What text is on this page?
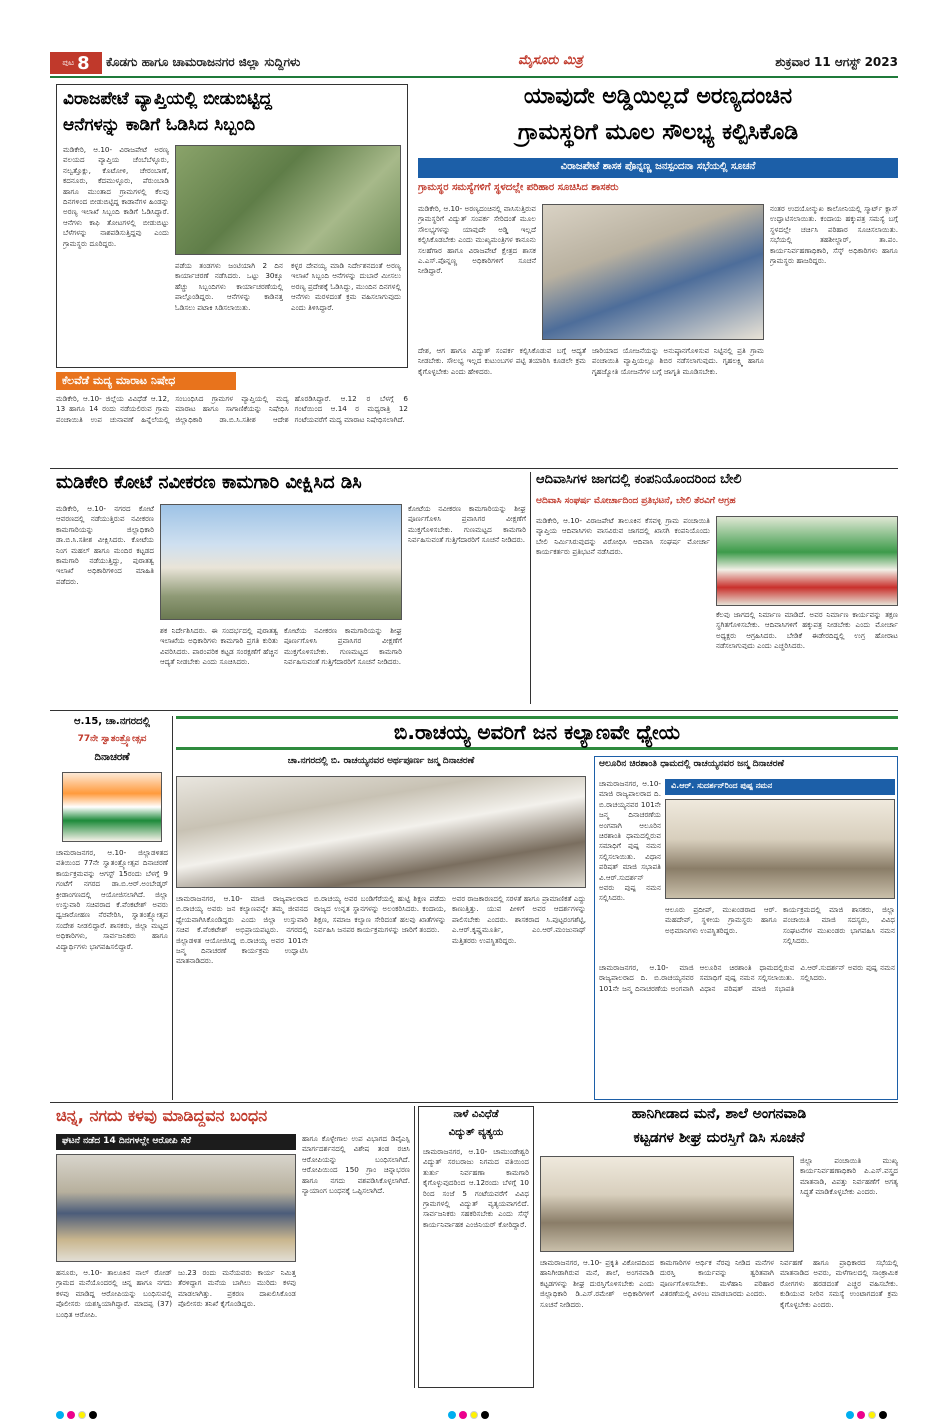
ಪುಟ 8 ಕೊಡಗು ಹಾಗೂ ಚಾಮರಾಜನಗರ ಜಿಲ್ಲಾ ಸುದ್ದಿಗಳು	ಮೈಸೂರು ಮಿತ್ರ	ಶುಕ್ರವಾರ 11 ಆಗಸ್ಟ್ 2023
ವಿರಾಜಪೇಟೆ ವ್ಯಾಪ್ತಿಯಲ್ಲಿ ಬೀಡುಬಿಟ್ಟಿದ್ದ
ಆನೆಗಳನ್ನು ಕಾಡಿಗೆ ಓಡಿಸಿದ ಸಿಬ್ಬಂದಿ
ಮಡಿಕೇರಿ, ಆ.10- ವಿರಾಜಪೇಟೆ ಅರಣ್ಯ ವಲಯದ ವ್ಯಾಪ್ತಿಯ ಚೆಂಬೆಬೆಳ್ಳೂರು, ನಲ್ವತ್ತೊಕ್ಲು, ಕೊಟೋಳಿ, ಚೇರಂಬಾಣೆ, ಕದನೂರು, ಕೆದಮುಳ್ಳೂರು, ಪೆರುಂಬಾಡಿ ಹಾಗೂ ಮುಂತಾದ ಗ್ರಾಮಗಳಲ್ಲಿ ಕೆಲವು ದಿನಗಳಿಂದ ಬೀಡುಬಿಟ್ಟಿದ್ದ ಕಾಡಾನೆಗಳ ಹಿಂಡನ್ನು ಅರಣ್ಯ ಇಲಾಖೆ ಸಿಬ್ಬಂದಿ ಕಾಡಿಗೆ ಓಡಿಸಿದ್ದಾರೆ. ಆನೆಗಳು ಕಾಫಿ ತೋಟಗಳಲ್ಲಿ ಬೀಡುಬಿಟ್ಟು ಬೆಳೆಗಳನ್ನು ನಾಶಪಡಿಸುತ್ತಿದ್ದವು ಎಂದು ಗ್ರಾಮಸ್ಥರು ದೂರಿದ್ದರು.
ಪಡೆಯ ತಂಡಗಳು ಜಂಟಿಯಾಗಿ 2 ದಿನ ಕಾರ್ಯಾಚರಣೆ ನಡೆಸಿದರು. ಒಟ್ಟು 30ಕ್ಕೂ ಹೆಚ್ಚು ಸಿಬ್ಬಂದಿಗಳು ಕಾರ್ಯಾಚರಣೆಯಲ್ಲಿ ಪಾಲ್ಗೊಂಡಿದ್ದರು. ಆನೆಗಳನ್ನು ಕಾಡಿನತ್ತ ಓಡಿಸಲು ಪಟಾಕಿ ಸಿಡಿಸಲಾಯಿತು.
ಕಳ್ಳರ ದೇವಯ್ಯ ಮಾಡಿ ನಿರ್ದೇಶನದಂತೆ ಅರಣ್ಯ ಇಲಾಖೆ ಸಿಬ್ಬಂದಿ ಆನೆಗಳನ್ನು ದುಬಾರೆ ಮೀಸಲು ಅರಣ್ಯ ಪ್ರದೇಶಕ್ಕೆ ಓಡಿಸಿದ್ದು, ಮುಂದಿನ ದಿನಗಳಲ್ಲಿ ಆನೆಗಳು ಮರಳದಂತೆ ಕ್ರಮ ವಹಿಸಲಾಗುವುದು ಎಂದು ತಿಳಿಸಿದ್ದಾರೆ.
ಕೆಲವೆಡೆ ಮದ್ಯ ಮಾರಾಟ ನಿಷೇಧ
ಮಡಿಕೇರಿ, ಆ.10- ಜಿಲ್ಲೆಯ ವಿವಿಧೆಡೆ ಆ.12, 13 ಹಾಗೂ 14 ರಂದು ನಡೆಯಲಿರುವ ಗ್ರಾಮ ಪಂಚಾಯಿತಿ ಉಪ ಚುನಾವಣೆ ಹಿನ್ನೆಲೆಯಲ್ಲಿ ಸಂಬಂಧಿಸಿದ ಗ್ರಾಮಗಳ ವ್ಯಾಪ್ತಿಯಲ್ಲಿ ಮದ್ಯ ಮಾರಾಟ ಹಾಗೂ ಸಾಗಾಣಿಕೆಯನ್ನು ನಿಷೇಧಿಸಿ ಜಿಲ್ಲಾಧಿಕಾರಿ ಡಾ.ಬಿ.ಸಿ.ಸತೀಶ ಆದೇಶ ಹೊರಡಿಸಿದ್ದಾರೆ. ಆ.12 ರ ಬೆಳಗ್ಗೆ 6 ಗಂಟೆಯಿಂದ ಆ.14 ರ ಮಧ್ಯರಾತ್ರಿ 12 ಗಂಟೆಯವರೆಗೆ ಮದ್ಯ ಮಾರಾಟ ನಿಷೇಧಿಸಲಾಗಿದೆ.
ಯಾವುದೇ ಅಡ್ಡಿಯಿಲ್ಲದೆ ಅರಣ್ಯದಂಚಿನ
ಗ್ರಾಮಸ್ಥರಿಗೆ ಮೂಲ ಸೌಲಭ್ಯ ಕಲ್ಪಿಸಿಕೊಡಿ
ವಿರಾಜಪೇಟೆ ಶಾಸಕ ಪೊನ್ನಣ್ಣ ಜನಸ್ಪಂದನಾ ಸಭೆಯಲ್ಲಿ ಸೂಚನೆ
ಗ್ರಾಮಸ್ಥರ ಸಮಸ್ಯೆಗಳಿಗೆ ಸ್ಥಳದಲ್ಲೇ ಪರಿಹಾರ ಸೂಚಿಸಿದ ಶಾಸಕರು
ಮಡಿಕೇರಿ, ಆ.10- ಅರಣ್ಯದಂಚಿನಲ್ಲಿ ವಾಸಿಸುತ್ತಿರುವ ಗ್ರಾಮಸ್ಥರಿಗೆ ವಿದ್ಯುತ್ ಸಂಪರ್ಕ ಸೇರಿದಂತೆ ಮೂಲ ಸೌಲಭ್ಯಗಳನ್ನು ಯಾವುದೇ ಅಡ್ಡಿ ಇಲ್ಲದೆ ಕಲ್ಪಿಸಿಕೊಡಬೇಕು ಎಂದು ಮುಖ್ಯಮಂತ್ರಿಗಳ ಕಾನೂನು ಸಲಹೆಗಾರ ಹಾಗೂ ವಿರಾಜಪೇಟೆ ಕ್ಷೇತ್ರದ ಶಾಸಕ ಎ.ಎಸ್.ಪೊನ್ನಣ್ಣ ಅಧಿಕಾರಿಗಳಿಗೆ ಸೂಚನೆ ನೀಡಿದ್ದಾರೆ.
ದೇಶ, ಆಗ ಹಾಗೂ ವಿದ್ಯುತ್ ಸಂಪರ್ಕ ಕಲ್ಪಿಸಿಕೊಡುವ ಬಗ್ಗೆ ಆದ್ಯತೆ ನೀಡಬೇಕು. ಸೌಲಭ್ಯ ಇಲ್ಲದ ಕುಟುಂಬಗಳ ಪಟ್ಟಿ ತಯಾರಿಸಿ ಕೂಡಲೇ ಕ್ರಮ ಕೈಗೊಳ್ಳಬೇಕು ಎಂದು ಹೇಳಿದರು.
ಜಾರಿಯಾದ ಯೋಜನೆಯನ್ನು ಅನುಷ್ಠಾನಗೊಳಿಸುವ ನಿಟ್ಟಿನಲ್ಲಿ ಪ್ರತಿ ಗ್ರಾಮ ಪಂಚಾಯಿತಿ ವ್ಯಾಪ್ತಿಯಲ್ಲೂ ಶಿಬಿರ ನಡೆಸಲಾಗುವುದು. ಗೃಹಲಕ್ಷ್ಮಿ ಹಾಗೂ ಗೃಹಜ್ಯೋತಿ ಯೋಜನೆಗಳ ಬಗ್ಗೆ ಜಾಗೃತಿ ಮೂಡಿಸಬೇಕು.
ನಂತರ ಉದಯೋನ್ಮುಖ ಕಾಲೋನಿಯಲ್ಲಿ ಸ್ಮಾರ್ಟ್ ಕ್ಲಾಸ್ ಉದ್ಘಾಟಿಸಲಾಯಿತು. ಕಂದಾಯ ಹಕ್ಕುಪತ್ರ ಸಮಸ್ಯೆ ಬಗ್ಗೆ ಸ್ಥಳದಲ್ಲೇ ಚರ್ಚಿಸಿ ಪರಿಹಾರ ಸೂಚಿಸಲಾಯಿತು. ಸಭೆಯಲ್ಲಿ ತಹಶೀಲ್ದಾರ್, ತಾ.ಪಂ. ಕಾರ್ಯನಿರ್ವಹಣಾಧಿಕಾರಿ, ಸೆಸ್ಕ್ ಅಧಿಕಾರಿಗಳು ಹಾಗೂ ಗ್ರಾಮಸ್ಥರು ಹಾಜರಿದ್ದರು.
ಮಡಿಕೇರಿ ಕೋಟೆ ನವೀಕರಣ ಕಾಮಗಾರಿ ವೀಕ್ಷಿಸಿದ ಡಿಸಿ
ಮಡಿಕೇರಿ, ಆ.10- ನಗರದ ಕೋಟೆ ಆವರಣದಲ್ಲಿ ನಡೆಯುತ್ತಿರುವ ನವೀಕರಣ ಕಾಮಗಾರಿಯನ್ನು ಜಿಲ್ಲಾಧಿಕಾರಿ ಡಾ.ಬಿ.ಸಿ.ಸತೀಶ ವೀಕ್ಷಿಸಿದರು. ಕೋಟೆಯ ನಿಂಗ ಮಹಲ್ ಹಾಗೂ ಮಂದಿರ ಕಟ್ಟಡದ ಕಾಮಗಾರಿ ನಡೆಯುತ್ತಿದ್ದು, ಪುರಾತತ್ವ ಇಲಾಖೆ ಅಧಿಕಾರಿಗಳಿಂದ ಮಾಹಿತಿ ಪಡೆದರು.
ಶಕ ನಿರ್ದೇಶಿಸಿದರು. ಈ ಸಂದರ್ಭದಲ್ಲಿ ಪುರಾತತ್ವ ಇಲಾಖೆಯ ಅಧಿಕಾರಿಗಳು ಕಾಮಗಾರಿ ಪ್ರಗತಿ ಕುರಿತು ವಿವರಿಸಿದರು. ಪಾರಂಪರಿಕ ಕಟ್ಟಡ ಸಂರಕ್ಷಣೆಗೆ ಹೆಚ್ಚಿನ ಆದ್ಯತೆ ನೀಡಬೇಕು ಎಂದು ಸೂಚಿಸಿದರು.
ಕೋಟೆಯ ನವೀಕರಣ ಕಾಮಗಾರಿಯನ್ನು ಶೀಘ್ರ ಪೂರ್ಣಗೊಳಿಸಿ ಪ್ರವಾಸಿಗರ ವೀಕ್ಷಣೆಗೆ ಮುಕ್ತಗೊಳಿಸಬೇಕು. ಗುಣಮಟ್ಟದ ಕಾಮಗಾರಿ ನಿರ್ವಹಿಸುವಂತೆ ಗುತ್ತಿಗೆದಾರರಿಗೆ ಸೂಚನೆ ನೀಡಿದರು.
ಕೋಟೆಯ ನವೀಕರಣ ಕಾಮಗಾರಿಯನ್ನು ಶೀಘ್ರ ಪೂರ್ಣಗೊಳಿಸಿ ಪ್ರವಾಸಿಗರ ವೀಕ್ಷಣೆಗೆ ಮುಕ್ತಗೊಳಿಸಬೇಕು. ಗುಣಮಟ್ಟದ ಕಾಮಗಾರಿ ನಿರ್ವಹಿಸುವಂತೆ ಗುತ್ತಿಗೆದಾರರಿಗೆ ಸೂಚನೆ ನೀಡಿದರು.
ಆದಿವಾಸಿಗಳ ಜಾಗದಲ್ಲಿ ಕಂಪನಿಯೊಂದರಿಂದ ಬೇಲಿ
ಆದಿವಾಸಿ ಸಂಘರ್ಷ ಮೋರ್ಚಾದಿಂದ ಪ್ರತಿಭಟನೆ, ಬೇಲಿ ತೆರವಿಗೆ ಆಗ್ರಹ
ಮಡಿಕೇರಿ, ಆ.10- ವಿರಾಜಪೇಟೆ ತಾಲೂಕಿನ ಕೆಸವಳ್ಳಿ ಗ್ರಾಮ ಪಂಚಾಯಿತಿ ವ್ಯಾಪ್ತಿಯ ಆದಿವಾಸಿಗಳು ವಾಸವಿರುವ ಜಾಗದಲ್ಲಿ ಖಾಸಗಿ ಕಂಪನಿಯೊಂದು ಬೇಲಿ ನಿರ್ಮಿಸಿರುವುದನ್ನು ವಿರೋಧಿಸಿ ಆದಿವಾಸಿ ಸಂಘರ್ಷ ಮೋರ್ಚಾ ಕಾರ್ಯಕರ್ತರು ಪ್ರತಿಭಟನೆ ನಡೆಸಿದರು.
ಕೆಲವು ಜಾಗದಲ್ಲಿ ನಿರ್ಮಾಣ ಮಾಡಿದೆ. ಅವರ ನಿರ್ಮಾಣ ಕಾರ್ಯವನ್ನು ತಕ್ಷಣ ಸ್ಥಗಿತಗೊಳಿಸಬೇಕು. ಆದಿವಾಸಿಗಳಿಗೆ ಹಕ್ಕುಪತ್ರ ನೀಡಬೇಕು ಎಂದು ಮೋರ್ಚಾ ಅಧ್ಯಕ್ಷರು ಆಗ್ರಹಿಸಿದರು. ಬೇಡಿಕೆ ಈಡೇರದಿದ್ದಲ್ಲಿ ಉಗ್ರ ಹೋರಾಟ ನಡೆಸಲಾಗುವುದು ಎಂದು ಎಚ್ಚರಿಸಿದರು.
ಆ.15, ಚಾ.ನಗರದಲ್ಲಿ
77ನೇ ಸ್ವಾತಂತ್ರ್ಯೋತ್ಸವ
ದಿನಾಚರಣೆ
ಚಾಮರಾಜನಗರ, ಆ.10- ಜಿಲ್ಲಾಡಳಿತದ ವತಿಯಿಂದ 77ನೇ ಸ್ವಾತಂತ್ರ್ಯೋತ್ಸವ ದಿನಾಚರಣೆ ಕಾರ್ಯಕ್ರಮವನ್ನು ಆಗಸ್ಟ್ 15ರಂದು ಬೆಳಗ್ಗೆ 9 ಗಂಟೆಗೆ ನಗರದ ಡಾ.ಬಿ.ಆರ್.ಅಂಬೇಡ್ಕರ್ ಕ್ರೀಡಾಂಗಣದಲ್ಲಿ ಆಯೋಜಿಸಲಾಗಿದೆ. ಜಿಲ್ಲಾ ಉಸ್ತುವಾರಿ ಸಚಿವರಾದ ಕೆ.ವೆಂಕಟೇಶ್ ಅವರು ಧ್ವಜಾರೋಹಣ ನೆರವೇರಿಸಿ, ಸ್ವಾತಂತ್ರ್ಯೋತ್ಸವ ಸಂದೇಶ ನೀಡಲಿದ್ದಾರೆ. ಶಾಸಕರು, ಜಿಲ್ಲಾ ಮಟ್ಟದ ಅಧಿಕಾರಿಗಳು, ಸಾರ್ವಜನಿಕರು ಹಾಗೂ ವಿದ್ಯಾರ್ಥಿಗಳು ಭಾಗವಹಿಸಲಿದ್ದಾರೆ.
ಬಿ.ರಾಚಯ್ಯ ಅವರಿಗೆ ಜನ ಕಲ್ಯಾಣವೇ ಧ್ಯೇಯ
ಚಾ.ನಗರದಲ್ಲಿ ಬಿ. ರಾಚಯ್ಯನವರ ಅರ್ಥಪೂರ್ಣ ಜನ್ಮ ದಿನಾಚರಣೆ
ಚಾಮರಾಜನಗರ, ಆ.10- ಮಾಜಿ ರಾಜ್ಯಪಾಲರಾದ ಬಿ.ರಾಚಯ್ಯ ಅವರು ಜನ ಕಲ್ಯಾಣವನ್ನೇ ತಮ್ಮ ಜೀವನದ ಧ್ಯೇಯವಾಗಿಸಿಕೊಂಡಿದ್ದರು ಎಂದು ಜಿಲ್ಲಾ ಉಸ್ತುವಾರಿ ಸಚಿವ ಕೆ.ವೆಂಕಟೇಶ್ ಅಭಿಪ್ರಾಯಪಟ್ಟರು. ನಗರದಲ್ಲಿ ಜಿಲ್ಲಾಡಳಿತ ಆಯೋಜಿಸಿದ್ದ ಬಿ.ರಾಚಯ್ಯ ಅವರ 101ನೇ ಜನ್ಮ ದಿನಾಚರಣೆ ಕಾರ್ಯಕ್ರಮ ಉದ್ಘಾಟಿಸಿ ಮಾತನಾಡಿದರು.
ಬಿ.ರಾಚಯ್ಯ ಅವರ ಬಂಡಿಗೆರೆಯಲ್ಲಿ ಹುಟ್ಟಿ ಶಿಕ್ಷಣ ಪಡೆದು ರಾಜ್ಯದ ಉನ್ನತ ಸ್ಥಾನಗಳನ್ನು ಅಲಂಕರಿಸಿದರು. ಕಂದಾಯ, ಶಿಕ್ಷಣ, ಸಮಾಜ ಕಲ್ಯಾಣ ಸೇರಿದಂತೆ ಹಲವು ಖಾತೆಗಳನ್ನು ನಿರ್ವಹಿಸಿ ಜನಪರ ಕಾರ್ಯಕ್ರಮಗಳನ್ನು ಜಾರಿಗೆ ತಂದರು.
ಅವರ ರಾಜಕಾರಣದಲ್ಲಿ ಸರಳತೆ ಹಾಗೂ ಪ್ರಾಮಾಣಿಕತೆ ಎದ್ದು ಕಾಣುತ್ತಿತ್ತು. ಯುವ ಪೀಳಿಗೆ ಅವರ ಆದರ್ಶಗಳನ್ನು ಪಾಲಿಸಬೇಕು ಎಂದರು. ಶಾಸಕರಾದ ಸಿ.ಪುಟ್ಟರಂಗಶೆಟ್ಟಿ, ಎ.ಆರ್.ಕೃಷ್ಣಮೂರ್ತಿ, ಎಂ.ಆರ್.ಮಂಜುನಾಥ್ ಮತ್ತಿತರರು ಉಪಸ್ಥಿತರಿದ್ದರು.
ಆಲೂರಿನ ಚಿರಶಾಂತಿ ಧಾಮದಲ್ಲಿ ರಾಚಯ್ಯನವರ ಜನ್ಮ ದಿನಾಚರಣೆ
ವಿ.ಆರ್. ಸುದರ್ಶನ್‌ರಿಂದ ಪುಷ್ಪ ನಮನ
ಚಾಮರಾಜನಗರ, ಆ.10- ಮಾಜಿ ರಾಜ್ಯಪಾಲರಾದ ದಿ. ಬಿ.ರಾಚಯ್ಯನವರ 101ನೇ ಜನ್ಮ ದಿನಾಚರಣೆಯ ಅಂಗವಾಗಿ ಆಲೂರಿನ ಚಿರಶಾಂತಿ ಧಾಮದಲ್ಲಿರುವ ಸಮಾಧಿಗೆ ಪುಷ್ಪ ನಮನ ಸಲ್ಲಿಸಲಾಯಿತು. ವಿಧಾನ ಪರಿಷತ್ ಮಾಜಿ ಸಭಾಪತಿ ವಿ.ಆರ್.ಸುದರ್ಶನ್ ಅವರು ಪುಷ್ಪ ನಮನ ಸಲ್ಲಿಸಿದರು.
ಆಲೂರು ಪ್ರದೀಪ್, ಮುಖಂಡರಾದ ಆರ್. ಮಹದೇವ್, ಸ್ಥಳೀಯ ಗ್ರಾಮಸ್ಥರು ಹಾಗೂ ಅಭಿಮಾನಿಗಳು ಉಪಸ್ಥಿತರಿದ್ದರು.
ಕಾರ್ಯಕ್ರಮದಲ್ಲಿ ಮಾಜಿ ಶಾಸಕರು, ಜಿಲ್ಲಾ ಪಂಚಾಯಿತಿ ಮಾಜಿ ಸದಸ್ಯರು, ವಿವಿಧ ಸಂಘಟನೆಗಳ ಮುಖಂಡರು ಭಾಗವಹಿಸಿ ನಮನ ಸಲ್ಲಿಸಿದರು.
ಚಾಮರಾಜನಗರ, ಆ.10- ಮಾಜಿ ರಾಜ್ಯಪಾಲರಾದ ದಿ. ಬಿ.ರಾಚಯ್ಯನವರ 101ನೇ ಜನ್ಮ ದಿನಾಚರಣೆಯ ಅಂಗವಾಗಿ ಆಲೂರಿನ ಚಿರಶಾಂತಿ ಧಾಮದಲ್ಲಿರುವ ಸಮಾಧಿಗೆ ಪುಷ್ಪ ನಮನ ಸಲ್ಲಿಸಲಾಯಿತು. ವಿಧಾನ ಪರಿಷತ್ ಮಾಜಿ ಸಭಾಪತಿ ವಿ.ಆರ್.ಸುದರ್ಶನ್ ಅವರು ಪುಷ್ಪ ನಮನ ಸಲ್ಲಿಸಿದರು.
ಚಿನ್ನ, ನಗದು ಕಳವು ಮಾಡಿದ್ದವನ ಬಂಧನ
ಘಟನೆ ನಡೆದ 14 ದಿನಗಳಲ್ಲೇ ಆರೋಪಿ ಸೆರೆ
ಹನೂರು, ಆ.10- ತಾಲೂಕಿನ ನಾಲ್ ರೋಡ್ ಗ್ರಾಮದ ಮನೆಯೊಂದರಲ್ಲಿ ಚಿನ್ನ ಹಾಗೂ ನಗದು ಕಳವು ಮಾಡಿದ್ದ ಆರೋಪಿಯನ್ನು ಬಂಧಿಸುವಲ್ಲಿ ಪೊಲೀಸರು ಯಶಸ್ವಿಯಾಗಿದ್ದಾರೆ. ಮಾದಪ್ಪ (37) ಬಂಧಿತ ಆರೋಪಿ.
ಜು.23 ರಂದು ಮನೆಯವರು ಕಾರ್ಯ ನಿಮಿತ್ತ ತೆರಳಿದ್ದಾಗ ಮನೆಯ ಬಾಗಿಲು ಮುರಿದು ಕಳವು ಮಾಡಲಾಗಿತ್ತು. ಪ್ರಕರಣ ದಾಖಲಿಸಿಕೊಂಡ ಪೊಲೀಸರು ತನಿಖೆ ಕೈಗೊಂಡಿದ್ದರು.
ಹಾಗೂ ಕೊಳ್ಳೇಗಾಲ ಉಪ ವಿಭಾಗದ ಡಿವೈಎಸ್ಪಿ ಮಾರ್ಗದರ್ಶನದಲ್ಲಿ ವಿಶೇಷ ತಂಡ ರಚಿಸಿ ಆರೋಪಿಯನ್ನು ಬಂಧಿಸಲಾಗಿದೆ. ಆರೋಪಿಯಿಂದ 150 ಗ್ರಾಂ ಚಿನ್ನಾಭರಣ ಹಾಗೂ ನಗದು ವಶಪಡಿಸಿಕೊಳ್ಳಲಾಗಿದೆ. ನ್ಯಾಯಾಂಗ ಬಂಧನಕ್ಕೆ ಒಪ್ಪಿಸಲಾಗಿದೆ.
ನಾಳೆ ವಿವಿಧೆಡೆ
ವಿದ್ಯುತ್ ವ್ಯತ್ಯಯ
ಚಾಮರಾಜನಗರ, ಆ.10- ಚಾಮುಂಡೇಶ್ವರಿ ವಿದ್ಯುತ್ ಸರಬರಾಜು ನಿಗಮದ ವತಿಯಿಂದ ತುರ್ತು ನಿರ್ವಹಣಾ ಕಾಮಗಾರಿ ಕೈಗೊಳ್ಳುವುದರಿಂದ ಆ.12ರಂದು ಬೆಳಗ್ಗೆ 10 ರಿಂದ ಸಂಜೆ 5 ಗಂಟೆಯವರೆಗೆ ವಿವಿಧ ಗ್ರಾಮಗಳಲ್ಲಿ ವಿದ್ಯುತ್ ವ್ಯತ್ಯಯವಾಗಲಿದೆ. ಸಾರ್ವಜನಿಕರು ಸಹಕರಿಸಬೇಕು ಎಂದು ಸೆಸ್ಕ್ ಕಾರ್ಯನಿರ್ವಾಹಕ ಎಂಜಿನಿಯರ್ ಕೋರಿದ್ದಾರೆ.
ಹಾನಿಗೀಡಾದ ಮನೆ, ಶಾಲೆ ಅಂಗನವಾಡಿ
ಕಟ್ಟಡಗಳ ಶೀಘ್ರ ದುರಸ್ತಿಗೆ ಡಿಸಿ ಸೂಚನೆ
ಜಿಲ್ಲಾ ಪಂಚಾಯಿತಿ ಮುಖ್ಯ ಕಾರ್ಯನಿರ್ವಹಣಾಧಿಕಾರಿ ಪಿ.ಎಸ್.ವಸ್ತ್ರದ ಮಾತನಾಡಿ, ವಿಪತ್ತು ನಿರ್ವಹಣೆಗೆ ಅಗತ್ಯ ಸಿದ್ಧತೆ ಮಾಡಿಕೊಳ್ಳಬೇಕು ಎಂದರು.
ಚಾಮರಾಜನಗರ, ಆ.10- ಪ್ರಕೃತಿ ವಿಕೋಪದಿಂದ ಹಾನಿಗೀಡಾಗಿರುವ ಮನೆ, ಶಾಲೆ, ಅಂಗನವಾಡಿ ಕಟ್ಟಡಗಳನ್ನು ಶೀಘ್ರ ದುರಸ್ತಿಗೊಳಿಸಬೇಕು ಎಂದು ಜಿಲ್ಲಾಧಿಕಾರಿ ಡಿ.ಎಸ್.ರಮೇಶ್ ಅಧಿಕಾರಿಗಳಿಗೆ ಸೂಚನೆ ನೀಡಿದರು.
ಕಾಮಗಾರಿಗಳ ಆರ್ಥಿಕ ನೆರವು ನೀಡಿದ ಮನೆಗಳ ದುರಸ್ತಿ ಕಾರ್ಯವನ್ನು ತ್ವರಿತವಾಗಿ ಪೂರ್ಣಗೊಳಿಸಬೇಕು. ಮಳೆಹಾನಿ ಪರಿಹಾರ ವಿತರಣೆಯಲ್ಲಿ ವಿಳಂಬ ಮಾಡಬಾರದು ಎಂದರು.
ನಿರ್ವಹಣೆ ಹಾಗೂ ಪ್ರಾಧಿಕಾರದ ಸಭೆಯಲ್ಲಿ ಮಾತನಾಡಿದ ಅವರು, ಮಳೆಗಾಲದಲ್ಲಿ ಸಾಂಕ್ರಾಮಿಕ ರೋಗಗಳು ಹರಡದಂತೆ ಎಚ್ಚರ ವಹಿಸಬೇಕು. ಕುಡಿಯುವ ನೀರಿನ ಸಮಸ್ಯೆ ಉಂಟಾಗದಂತೆ ಕ್ರಮ ಕೈಗೊಳ್ಳಬೇಕು ಎಂದರು.
